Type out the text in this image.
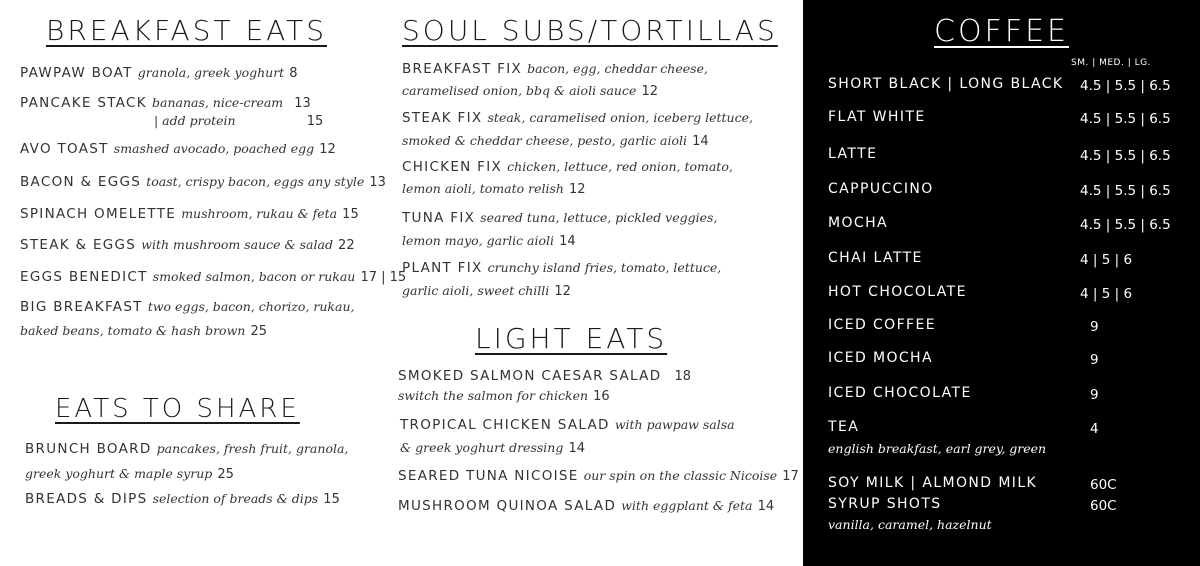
BREAKFAST EATS
PAWPAW BOAT granola, greek yoghurt 8
PANCAKE STACK bananas, nice-cream 13
| add protein	15
AVO TOAST smashed avocado, poached egg 12
BACON & EGGS toast, crispy bacon, eggs any style 13
SPINACH OMELETTE mushroom, rukau & feta 15
STEAK & EGGS with mushroom sauce & salad 22
EGGS BENEDICT smoked salmon, bacon or rukau 17 | 15
BIG BREAKFAST two eggs, bacon, chorizo, rukau,
baked beans, tomato & hash brown 25
EATS TO SHARE
BRUNCH BOARD pancakes, fresh fruit, granola,
greek yoghurt & maple syrup 25
BREADS & DIPS selection of breads & dips 15
SOUL SUBS/TORTILLAS
BREAKFAST FIX bacon, egg, cheddar cheese,
caramelised onion, bbq & aioli sauce 12
STEAK FIX steak, caramelised onion, iceberg lettuce,
smoked & cheddar cheese, pesto, garlic aioli 14
CHICKEN FIX chicken, lettuce, red onion, tomato,
lemon aioli, tomato relish 12
TUNA FIX seared tuna, lettuce, pickled veggies,
lemon mayo, garlic aioli 14
PLANT FIX crunchy island fries, tomato, lettuce,
garlic aioli, sweet chilli 12
LIGHT EATS
SMOKED SALMON CAESAR SALAD 18
switch the salmon for chicken 16
TROPICAL CHICKEN SALAD with pawpaw salsa
& greek yoghurt dressing 14
SEARED TUNA NICOISE our spin on the classic Nicoise 17
MUSHROOM QUINOA SALAD with eggplant & feta 14
COFFEE
SM. | MED. | LG.
SHORT BLACK | LONG BLACK 4.5 | 5.5 | 6.5
FLAT WHITE	4.5 | 5.5 | 6.5
LATTE	4.5 | 5.5 | 6.5
CAPPUCCINO	4.5 | 5.5 | 6.5
MOCHA	4.5 | 5.5 | 6.5
CHAI LATTE	4 | 5 | 6
HOT CHOCOLATE	4 | 5 | 6
ICED COFFEE	9
ICED MOCHA	9
ICED CHOCOLATE	9
TEA	4
english breakfast, earl grey, green
SOY MILK | ALMOND MILK	60C
SYRUP SHOTS	60C
vanilla, caramel, hazelnut
